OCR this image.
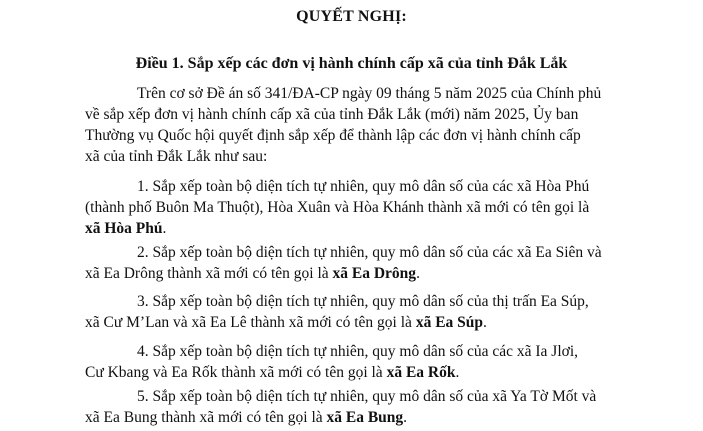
QUYẾT NGHỊ:
Điều 1. Sắp xếp các đơn vị hành chính cấp xã của tỉnh Đắk Lắk
Trên cơ sở Đề án số 341/ĐA-CP ngày 09 tháng 5 năm 2025 của Chính phủ
về sắp xếp đơn vị hành chính cấp xã của tỉnh Đắk Lắk (mới) năm 2025, Ủy ban
Thường vụ Quốc hội quyết định sắp xếp để thành lập các đơn vị hành chính cấp
xã của tỉnh Đắk Lắk như sau:
1. Sắp xếp toàn bộ diện tích tự nhiên, quy mô dân số của các xã Hòa Phú
(thành phố Buôn Ma Thuột), Hòa Xuân và Hòa Khánh thành xã mới có tên gọi là
xã Hòa Phú.
2. Sắp xếp toàn bộ diện tích tự nhiên, quy mô dân số của các xã Ea Siên và
xã Ea Drông thành xã mới có tên gọi là xã Ea Drông.
3. Sắp xếp toàn bộ diện tích tự nhiên, quy mô dân số của thị trấn Ea Súp,
xã Cư M’Lan và xã Ea Lê thành xã mới có tên gọi là xã Ea Súp.
4. Sắp xếp toàn bộ diện tích tự nhiên, quy mô dân số của các xã Ia Jlơi,
Cư Kbang và Ea Rốk thành xã mới có tên gọi là xã Ea Rốk.
5. Sắp xếp toàn bộ diện tích tự nhiên, quy mô dân số của xã Ya Tờ Mốt và
xã Ea Bung thành xã mới có tên gọi là xã Ea Bung.
